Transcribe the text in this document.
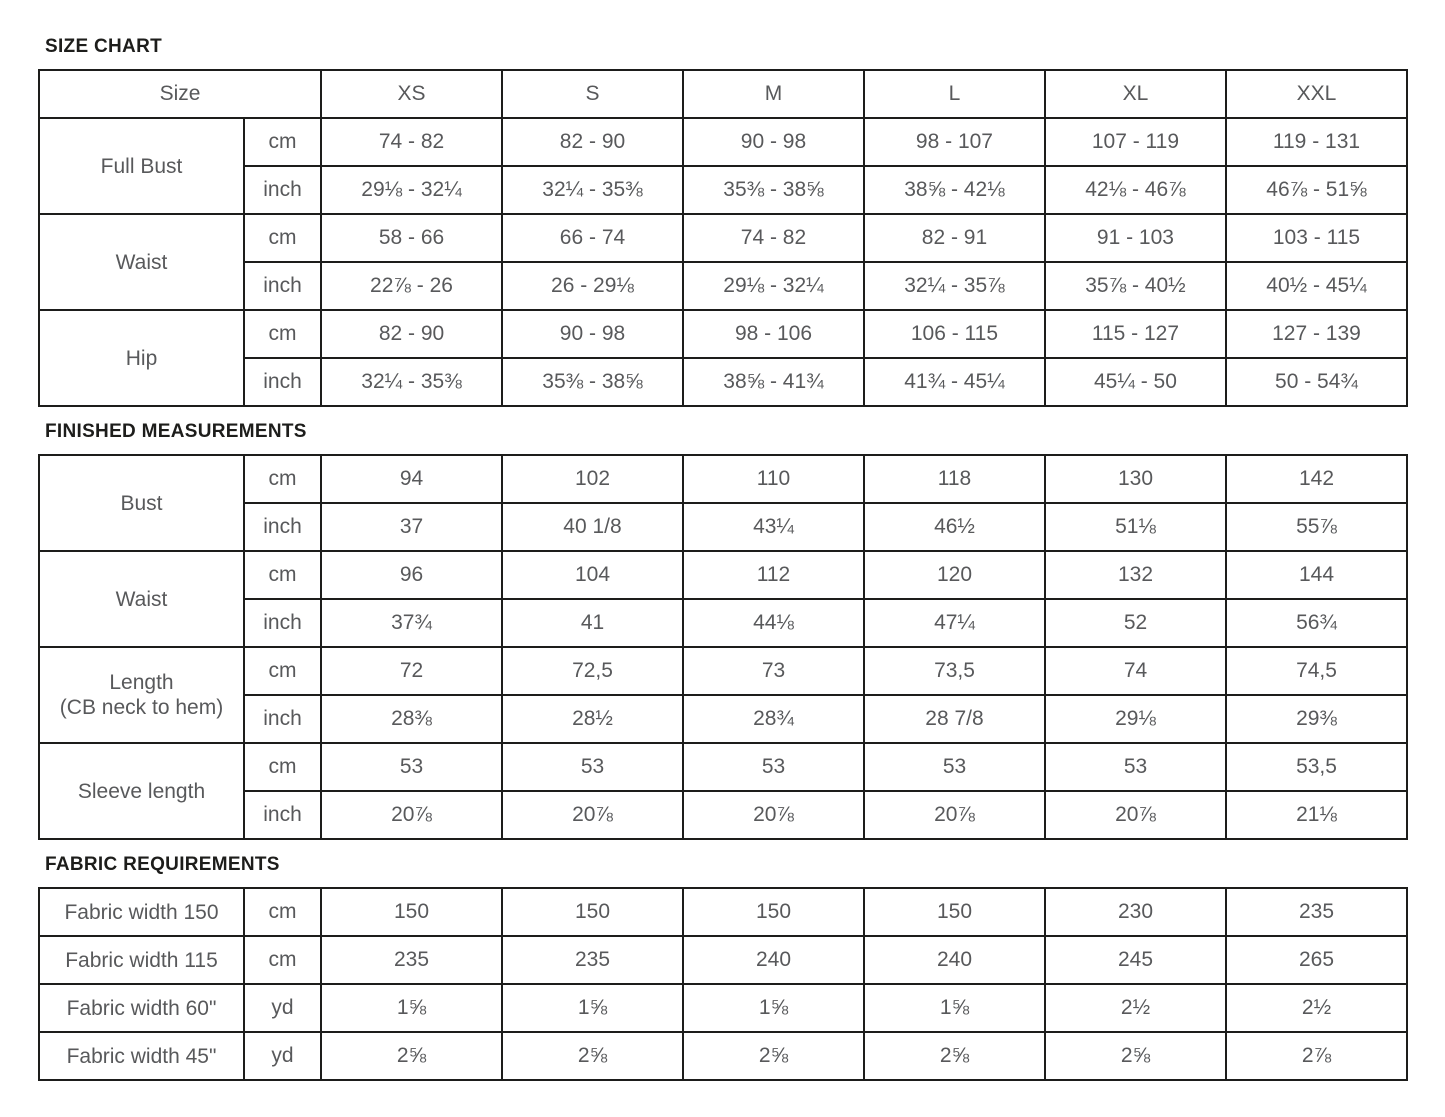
SIZE CHART
Size		XS	S	M	L	XL	XXL
Full Bust	cm	74 - 82	82 - 90	90 - 98	98 - 107	107 - 119	119 - 131
	inch	29⅛ - 32¼	32¼ - 35⅜	35⅜ - 38⅝	38⅝ - 42⅛	42⅛ - 46⅞	46⅞ - 51⅝
Waist	cm	58 - 66	66 - 74	74 - 82	82 - 91	91 - 103	103 - 115
	inch	22⅞ - 26	26 - 29⅛	29⅛ - 32¼	32¼ - 35⅞	35⅞ - 40½	40½ - 45¼
Hip	cm	82 - 90	90 - 98	98 - 106	106 - 115	115 - 127	127 - 139
	inch	32¼ - 35⅜	35⅜ - 38⅝	38⅝ - 41¾	41¾ - 45¼	45¼ - 50	50 - 54¾
FINISHED MEASUREMENTS
Bust	cm	94	102	110	118	130	142
	inch	37	40 1/8	43¼	46½	51⅛	55⅞
Waist	cm	96	104	112	120	132	144
	inch	37¾	41	44⅛	47¼	52	56¾

Length
(CB neck to hem)	cm	72	72,5	73	73,5	74	74,5
	inch	28⅜	28½	28¾	28 7/8	29⅛	29⅜
Sleeve length	cm	53	53	53	53	53	53,5
	inch	20⅞	20⅞	20⅞	20⅞	20⅞	21⅛
FABRIC REQUIREMENTS
Fabric width 150	cm	150	150	150	150	230	235
Fabric width 115	cm	235	235	240	240	245	265
Fabric width 60"	yd	1⅝	1⅝	1⅝	1⅝	2½	2½
Fabric width 45"	yd	2⅝	2⅝	2⅝	2⅝	2⅝	2⅞
